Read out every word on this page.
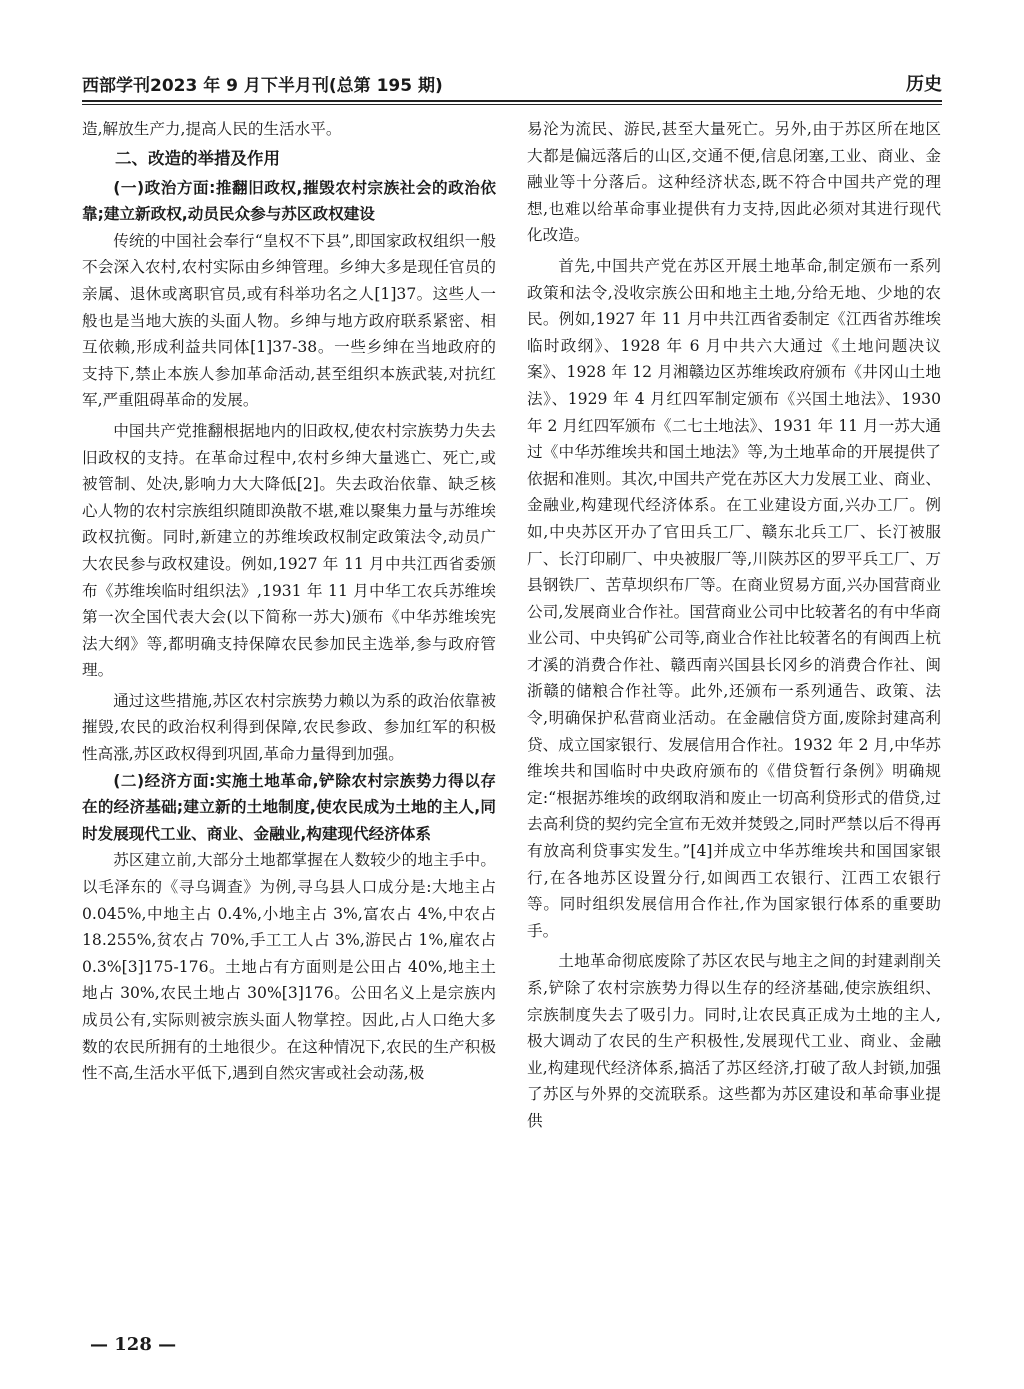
西部学刊2023 年 9 月下半月刊(总第 195 期)	历史

造,解放生产力,提高人民的生活水平。

二、改造的举措及作用
(一)政治方面:推翻旧政权,摧毁农村宗族社会的政治依靠;建立新政权,动员民众参与苏区政权建设

传统的中国社会奉行“皇权不下县”,即国家政权组织一般不会深入农村,农村实际由乡绅管理。乡绅大多是现任官员的亲属、退休或离职官员,或有科举功名之人[1]37。这些人一般也是当地大族的头面人物。乡绅与地方政府联系紧密、相互依赖,形成利益共同体[1]37-38。一些乡绅在当地政府的支持下,禁止本族人参加革命活动,甚至组织本族武装,对抗红军,严重阻碍革命的发展。

中国共产党推翻根据地内的旧政权,使农村宗族势力失去旧政权的支持。在革命过程中,农村乡绅大量逃亡、死亡,或被管制、处决,影响力大大降低[2]。失去政治依靠、缺乏核心人物的农村宗族组织随即涣散不堪,难以聚集力量与苏维埃政权抗衡。同时,新建立的苏维埃政权制定政策法令,动员广大农民参与政权建设。例如,1927 年 11 月中共江西省委颁布《苏维埃临时组织法》,1931 年 11 月中华工农兵苏维埃第一次全国代表大会(以下简称一苏大)颁布《中华苏维埃宪法大纲》等,都明确支持保障农民参加民主选举,参与政府管理。

通过这些措施,苏区农村宗族势力赖以为系的政治依靠被摧毁,农民的政治权利得到保障,农民参政、参加红军的积极性高涨,苏区政权得到巩固,革命力量得到加强。

(二)经济方面:实施土地革命,铲除农村宗族势力得以存在的经济基础;建立新的土地制度,使农民成为土地的主人,同时发展现代工业、商业、金融业,构建现代经济体系

苏区建立前,大部分土地都掌握在人数较少的地主手中。以毛泽东的《寻乌调查》为例,寻乌县人口成分是:大地主占 0.045%,中地主占 0.4%,小地主占 3%,富农占 4%,中农占 18.255%,贫农占 70%,手工工人占 3%,游民占 1%,雇农占 0.3%[3]175-176。土地占有方面则是公田占 40%,地主土地占 30%,农民土地占 30%[3]176。公田名义上是宗族内成员公有,实际则被宗族头面人物掌控。因此,占人口绝大多数的农民所拥有的土地很少。在这种情况下,农民的生产积极性不高,生活水平低下,遇到自然灾害或社会动荡,极

易沦为流民、游民,甚至大量死亡。另外,由于苏区所在地区大都是偏远落后的山区,交通不便,信息闭塞,工业、商业、金融业等十分落后。这种经济状态,既不符合中国共产党的理想,也难以给革命事业提供有力支持,因此必须对其进行现代化改造。

首先,中国共产党在苏区开展土地革命,制定颁布一系列政策和法令,没收宗族公田和地主土地,分给无地、少地的农民。例如,1927 年 11 月中共江西省委制定《江西省苏维埃临时政纲》、1928 年 6 月中共六大通过《土地问题决议案》、1928 年 12 月湘赣边区苏维埃政府颁布《井冈山土地法》、1929 年 4 月红四军制定颁布《兴国土地法》、1930 年 2 月红四军颁布《二七土地法》、1931 年 11 月一苏大通过《中华苏维埃共和国土地法》等,为土地革命的开展提供了依据和准则。其次,中国共产党在苏区大力发展工业、商业、金融业,构建现代经济体系。在工业建设方面,兴办工厂。例如,中央苏区开办了官田兵工厂、赣东北兵工厂、长汀被服厂、长汀印刷厂、中央被服厂等,川陕苏区的罗平兵工厂、万县钢铁厂、苦草坝织布厂等。在商业贸易方面,兴办国营商业公司,发展商业合作社。国营商业公司中比较著名的有中华商业公司、中央钨矿公司等,商业合作社比较著名的有闽西上杭才溪的消费合作社、赣西南兴国县长冈乡的消费合作社、闽浙赣的储粮合作社等。此外,还颁布一系列通告、政策、法令,明确保护私营商业活动。在金融信贷方面,废除封建高利贷、成立国家银行、发展信用合作社。1932 年 2 月,中华苏维埃共和国临时中央政府颁布的《借贷暂行条例》明确规定:“根据苏维埃的政纲取消和废止一切高利贷形式的借贷,过去高利贷的契约完全宣布无效并焚毁之,同时严禁以后不得再有放高利贷事实发生。”[4]并成立中华苏维埃共和国国家银行,在各地苏区设置分行,如闽西工农银行、江西工农银行等。同时组织发展信用合作社,作为国家银行体系的重要助手。

土地革命彻底废除了苏区农民与地主之间的封建剥削关系,铲除了农村宗族势力得以生存的经济基础,使宗族组织、宗族制度失去了吸引力。同时,让农民真正成为土地的主人,极大调动了农民的生产积极性,发展现代工业、商业、金融业,构建现代经济体系,搞活了苏区经济,打破了敌人封锁,加强了苏区与外界的交流联系。这些都为苏区建设和革命事业提供

— 128 —
